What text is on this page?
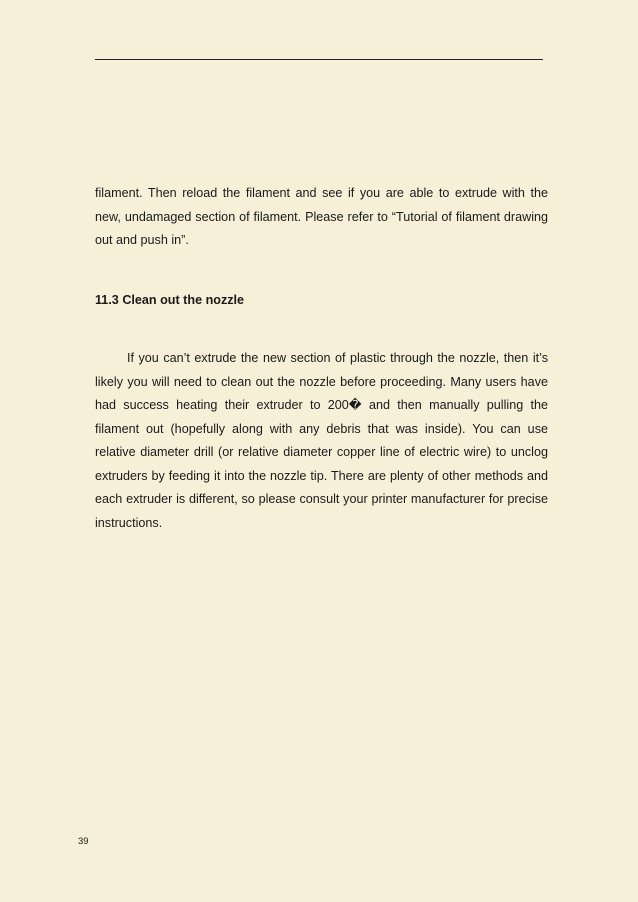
filament. Then reload the filament and see if you are able to extrude with the new, undamaged section of filament. Please refer to “Tutorial of filament drawing out and push in”.

11.3 Clean out the nozzle

If you can’t extrude the new section of plastic through the nozzle, then it’s likely you will need to clean out the nozzle before proceeding. Many users have had success heating their extruder to 200� and then manually pulling the filament out (hopefully along with any debris that was inside). You can use relative diameter drill (or relative diameter copper line of electric wire) to unclog extruders by feeding it into the nozzle tip. There are plenty of other methods and each extruder is different, so please consult your printer manufacturer for precise instructions.

39
